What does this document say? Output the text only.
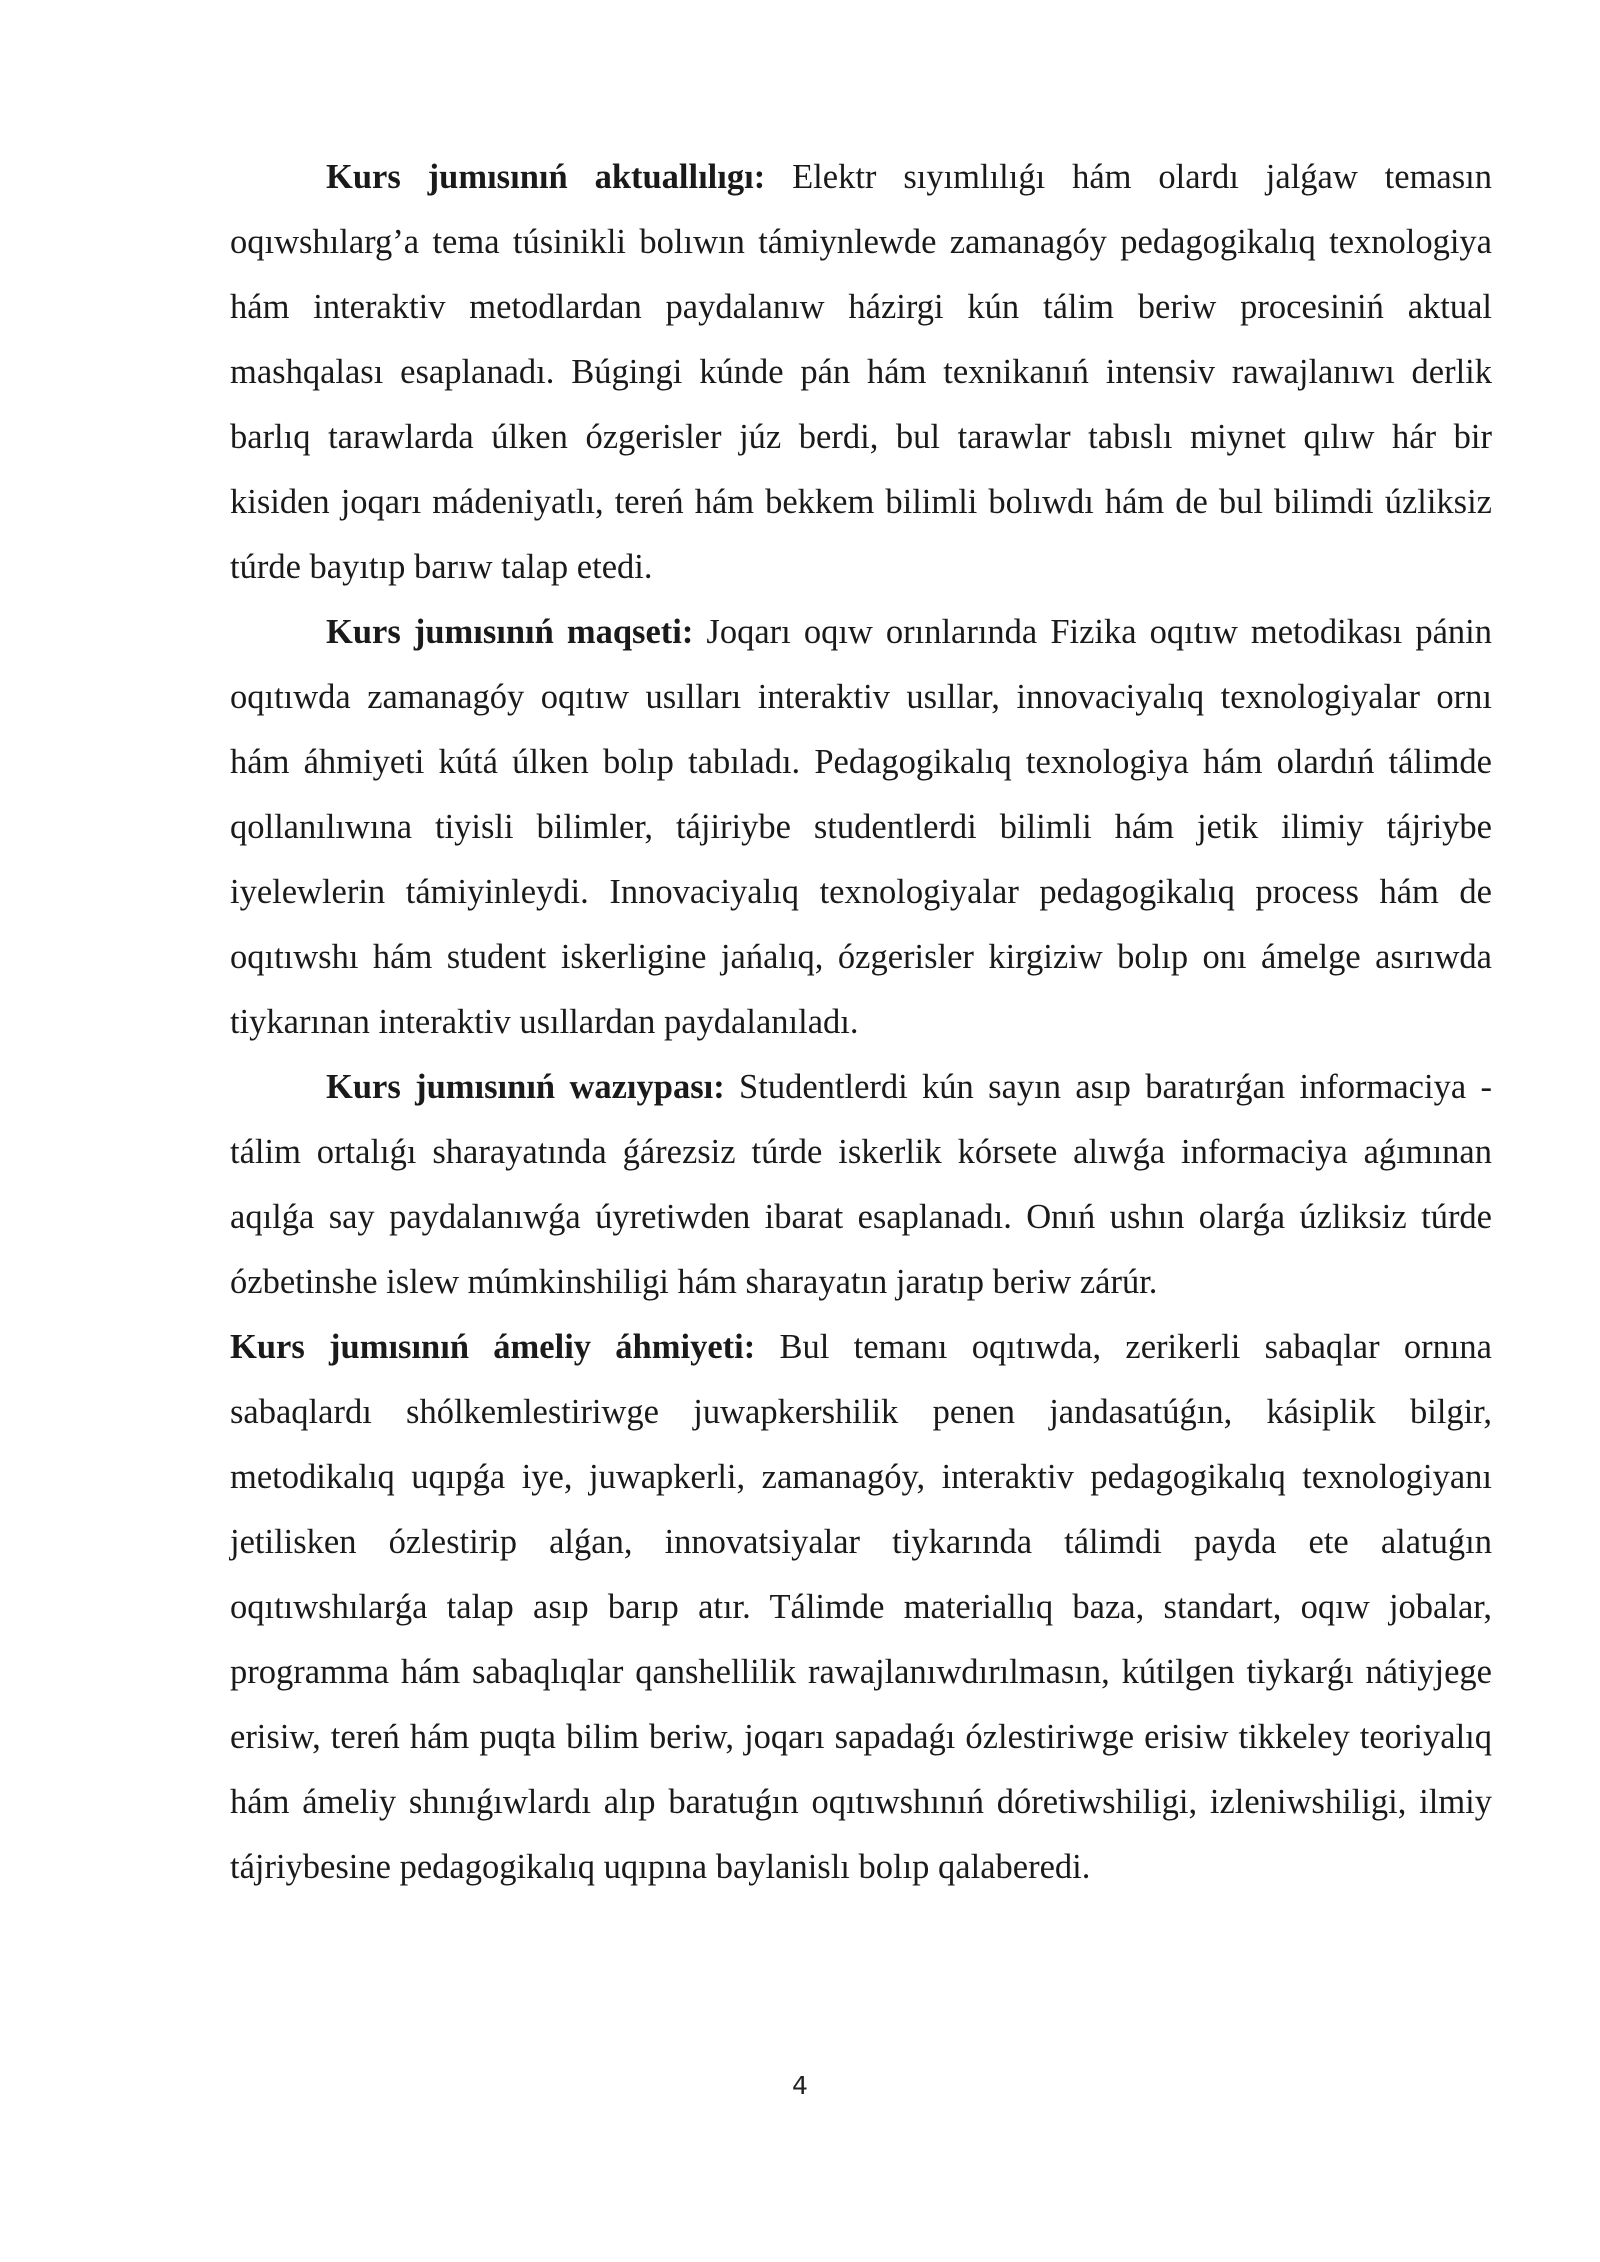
Kurs jumısınıń aktuallılıgı: Elektr sıyımlılıǵı hám olardı jalǵaw temasın oqıwshılarg’a tema túsinikli bolıwın támiynlewde zamanagóy pedagogikalıq texnologiya hám interaktiv metodlardan paydalanıw házirgi kún tálim beriw procesiniń aktual mashqalası esaplanadı. Búgingi kúnde pán hám texnikanıń intensiv rawajlanıwı derlik barlıq tarawlarda úlken ózgerisler júz berdi, bul tarawlar tabıslı miynet qılıw hár bir kisiden joqarı mádeniyatlı, tereń hám bekkem bilimli bolıwdı hám de bul bilimdi úzliksiz túrde bayıtıp barıw talap etedi.

Kurs jumısınıń maqseti: Joqarı oqıw orınlarında Fizika oqıtıw metodikası pánin oqıtıwda zamanagóy oqıtıw usılları interaktiv usıllar, innovaciyalıq texnologiyalar ornı hám áhmiyeti kútá úlken bolıp tabıladı. Pedagogikalıq texnologiya hám olardıń tálimde qollanılıwına tiyisli bilimler, tájiriybe studentlerdi bilimli hám jetik ilimiy tájriybe iyelewlerin támiyinleydi. Innovaciyalıq texnologiyalar pedagogikalıq process hám de oqıtıwshı hám student iskerligine jańalıq, ózgerisler kirgiziw bolıp onı ámelge asırıwda tiykarınan interaktiv usıllardan paydalanıladı.

Kurs jumısınıń wazıypası: Studentlerdi kún sayın asıp baratırǵan informaciya -tálim ortalıǵı sharayatında ǵárezsiz túrde iskerlik kórsete alıwǵa informaciya aǵımınan aqılǵa say paydalanıwǵa úyretiwden ibarat esaplanadı. Onıń ushın olarǵa úzliksiz túrde ózbetinshe islew múmkinshiligi hám sharayatın jaratıp beriw zárúr.

Kurs jumısınıń ámeliy áhmiyeti: Bul temanı oqıtıwda, zerikerli sabaqlar ornına sabaqlardı shólkemlestiriwge juwapkershilik penen jandasatúǵın, kásiplik bilgir, metodikalıq uqıpǵa iye, juwapkerli, zamanagóy, interaktiv pedagogikalıq texnologiyanı jetilisken ózlestirip alǵan, innovatsiyalar tiykarında tálimdi payda ete alatuǵın oqıtıwshılarǵa talap asıp barıp atır. Tálimde materiallıq baza, standart, oqıw jobalar, programma hám sabaqlıqlar qanshellilik rawajlanıwdırılmasın, kútilgen tiykarǵı nátiyjege erisiw, tereń hám puqta bilim beriw, joqarı sapadaǵı ózlestiriwge erisiw tikkeley teoriyalıq hám ámeliy shınıǵıwlardı alıp baratuǵın oqıtıwshınıń dóretiwshiligi, izleniwshiligi, ilmiy tájriybesine pedagogikalıq uqıpına baylanislı bolıp qalaberedi.

4
